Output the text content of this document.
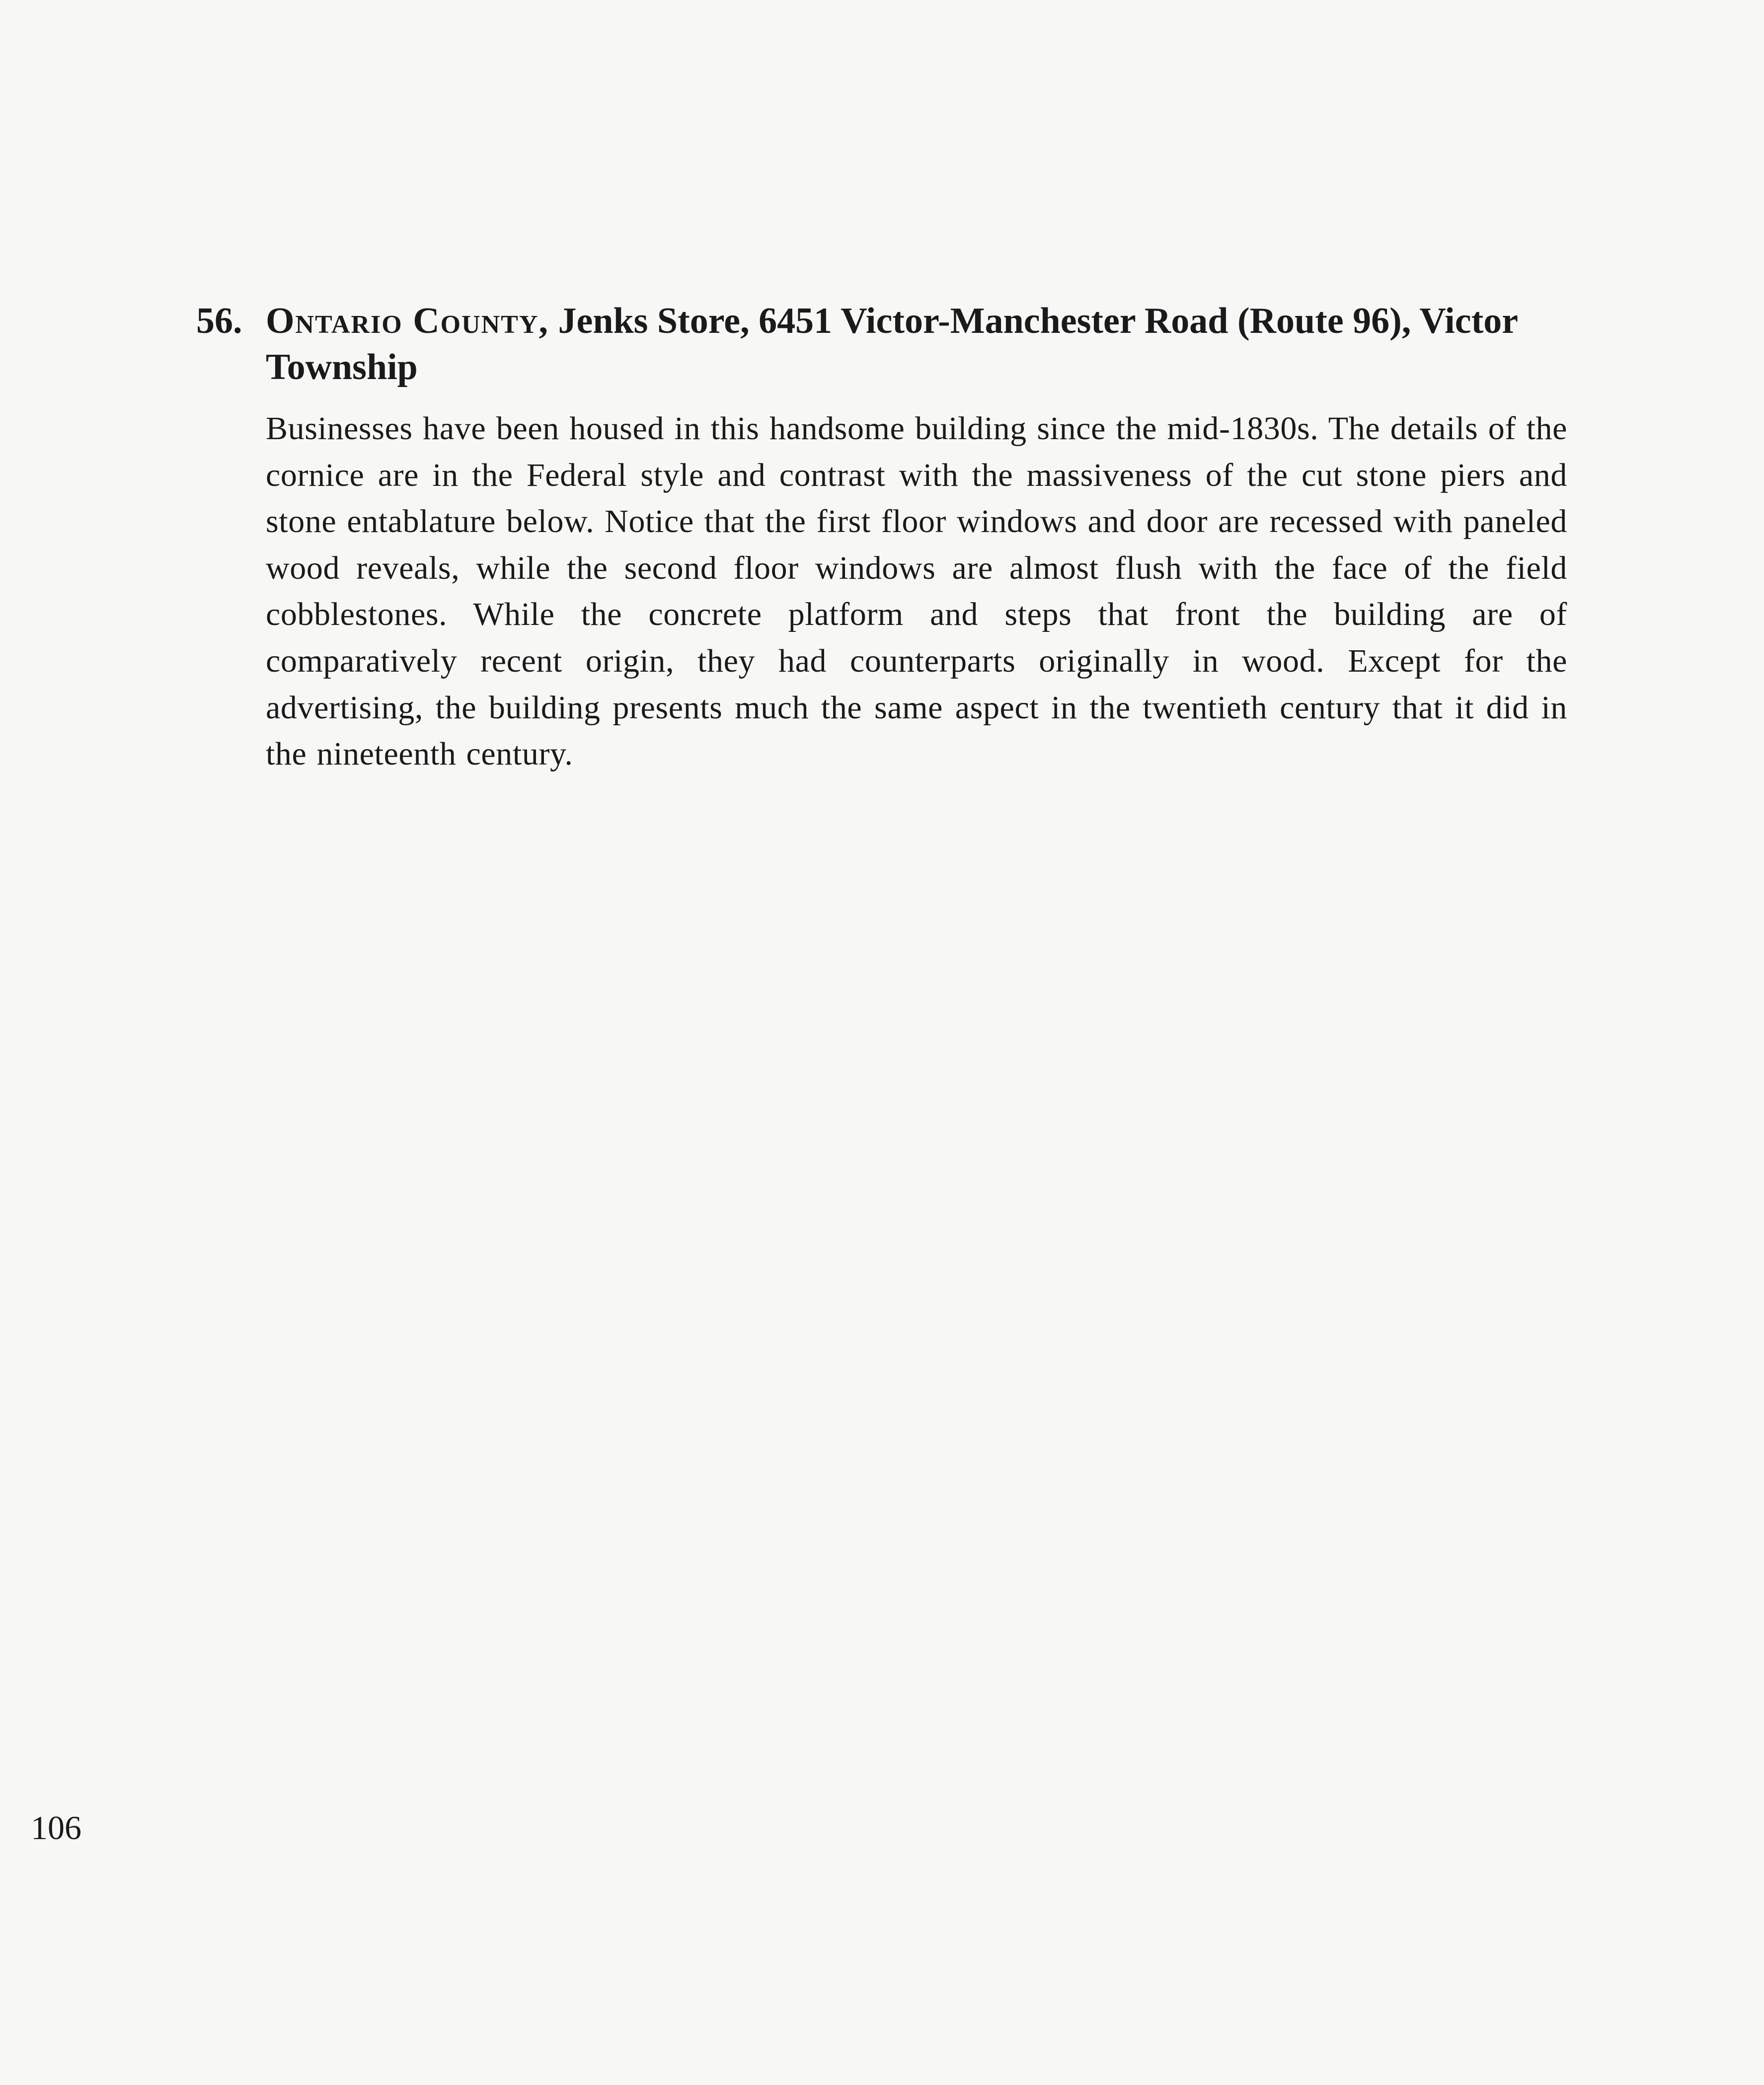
56. Ontario County, Jenks Store, 6451 Victor-Manchester Road (Route 96), Victor Township

Businesses have been housed in this handsome building since the mid-1830s. The details of the cornice are in the Federal style and contrast with the massiveness of the cut stone piers and stone entablature below. Notice that the first floor windows and door are recessed with paneled wood reveals, while the second floor windows are almost flush with the face of the field cobblestones. While the concrete platform and steps that front the building are of comparatively recent origin, they had counterparts originally in wood. Except for the advertising, the building presents much the same aspect in the twentieth century that it did in the nineteenth century.

106
